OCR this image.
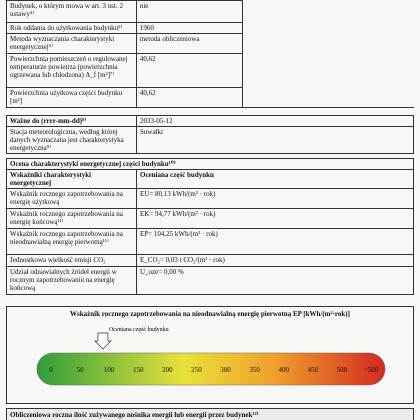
Budynek, o którym mowa w art. 3 ust. 2 ustawy⁴⁾	nie	

Rok oddania do użytkowania budynku⁵⁾	1960	
Metoda wyznaczania charakterystyki energetycznej⁶⁾	metoda obliczeniowa	
Powierzchnia pomieszczeń o regulowanej temperaturze powietrza (powierzchnia ogrzewana lub chłodzona) A_f [m²]⁷⁾	40,62	
Powierzchnia użytkowa części budynku [m²]	40,62	
Ważne do (rrrr-mm-dd)⁸⁾	2033-05-12
Stacja meteorologiczna, według której danych wyznaczana jest charakterystyka energetyczna⁹⁾	Suwałki
Ocena charakterystyki energetycznej części budynku¹⁰⁾	
Wskaźniki charakterystyki energetycznej	Oceniana część budynku
Wskaźnik rocznego zapotrzebowania na energię użytkową	EU= 80,13 kWh/(m² · rok)
Wskaźnik rocznego zapotrzebowania na energię końcową¹¹⁾	EK= 94,77 kWh/(m² · rok)
Wskaźnik rocznego zapotrzebowania na nieodnawialną energię pierwotną¹¹⁾	EP= 104,25 kWh/(m² · rok)
Jednostkowa wielkość emisji CO₂	E_CO₂= 0,03 t CO₂/(m² · rok)
Udział odnawialnych źródeł energii w rocznym zapotrzebowaniu na energię końcową	U_oze= 0,00 %
Wskaźnik rocznego zapotrzebowania na nieodnawialną energię pierwotną EP [kWh/(m²·rok)]
Oceniana część budynku
0	50	100	150	200	250	300	350	400	450	500 >500
Obliczeniowa roczna ilość zużywanego nośnika energii lub energii przez budynek¹²⁾
